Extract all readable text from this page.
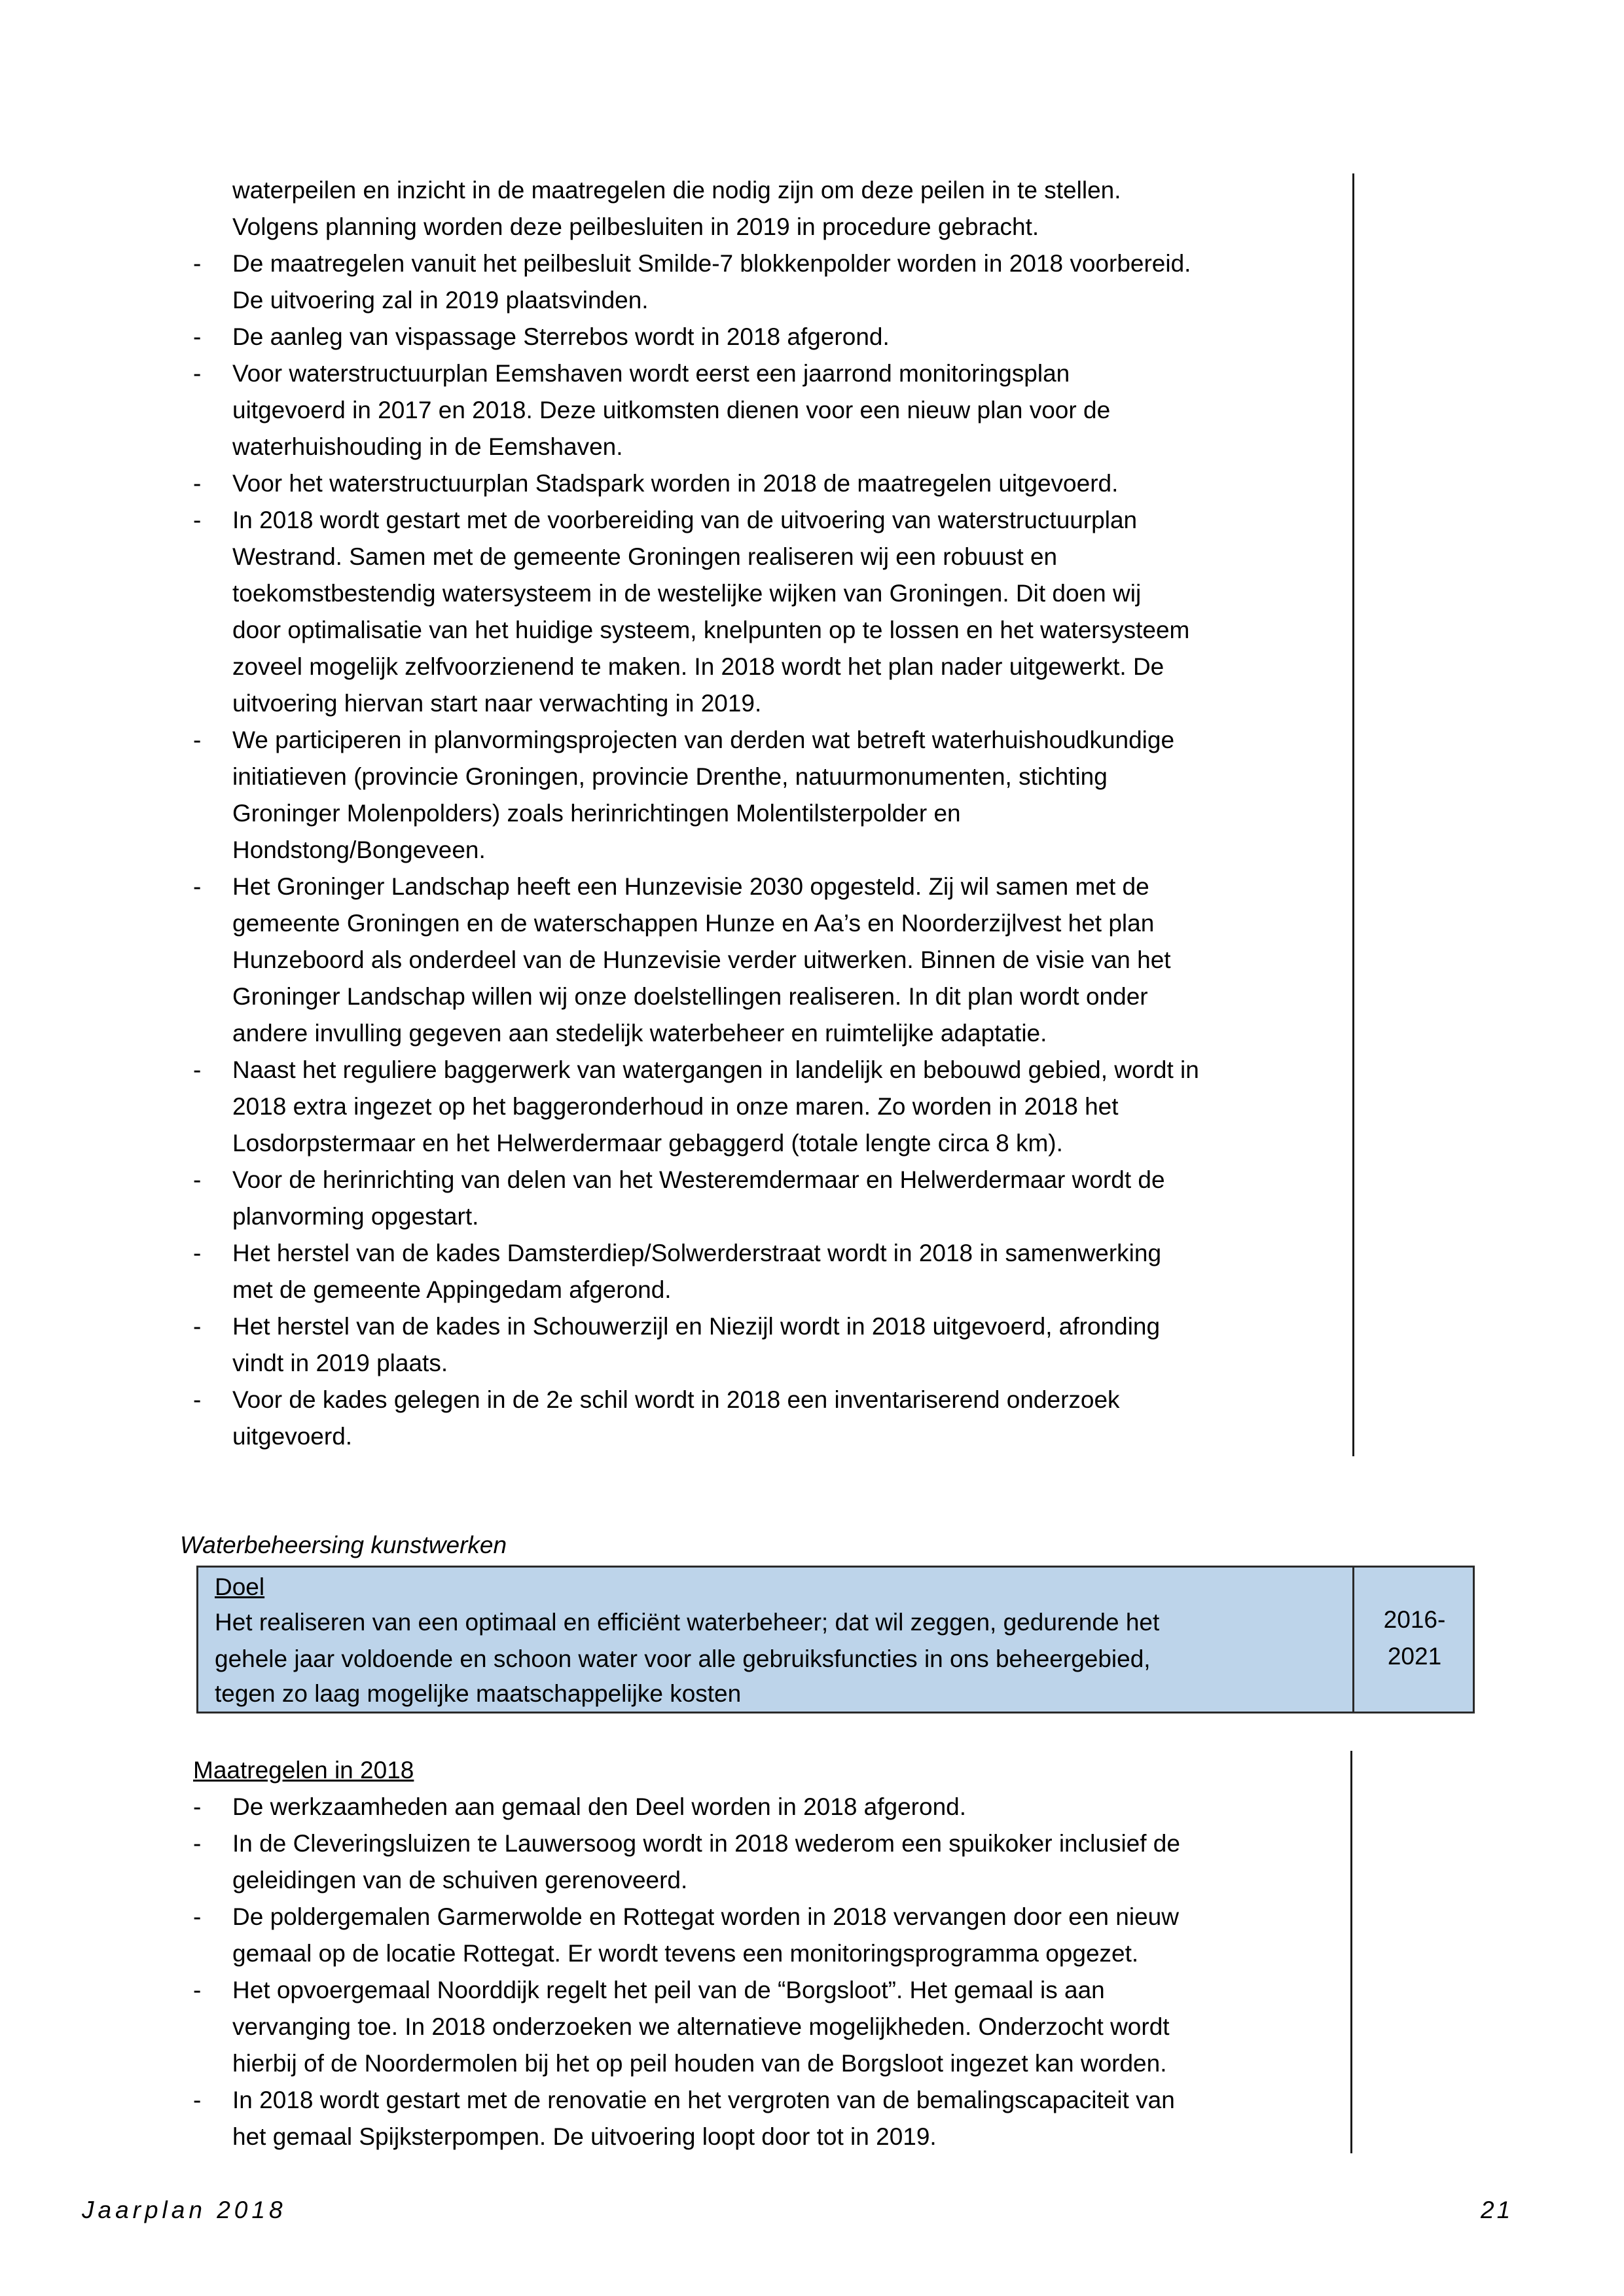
waterpeilen en inzicht in de maatregelen die nodig zijn om deze peilen in te stellen.
Volgens planning worden deze peilbesluiten in 2019 in procedure gebracht.
- De maatregelen vanuit het peilbesluit Smilde-7 blokkenpolder worden in 2018 voorbereid.
De uitvoering zal in 2019 plaatsvinden.
- De aanleg van vispassage Sterrebos wordt in 2018 afgerond.
- Voor waterstructuurplan Eemshaven wordt eerst een jaarrond monitoringsplan
uitgevoerd in 2017 en 2018. Deze uitkomsten dienen voor een nieuw plan voor de
waterhuishouding in de Eemshaven.
- Voor het waterstructuurplan Stadspark worden in 2018 de maatregelen uitgevoerd.
- In 2018 wordt gestart met de voorbereiding van de uitvoering van waterstructuurplan
Westrand. Samen met de gemeente Groningen realiseren wij een robuust en
toekomstbestendig watersysteem in de westelijke wijken van Groningen. Dit doen wij
door optimalisatie van het huidige systeem, knelpunten op te lossen en het watersysteem
zoveel mogelijk zelfvoorzienend te maken. In 2018 wordt het plan nader uitgewerkt. De
uitvoering hiervan start naar verwachting in 2019.
- We participeren in planvormingsprojecten van derden wat betreft waterhuishoudkundige
initiatieven (provincie Groningen, provincie Drenthe, natuurmonumenten, stichting
Groninger Molenpolders) zoals herinrichtingen Molentilsterpolder en
Hondstong/Bongeveen.
- Het Groninger Landschap heeft een Hunzevisie 2030 opgesteld. Zij wil samen met de
gemeente Groningen en de waterschappen Hunze en Aa’s en Noorderzijlvest het plan
Hunzeboord als onderdeel van de Hunzevisie verder uitwerken. Binnen de visie van het
Groninger Landschap willen wij onze doelstellingen realiseren. In dit plan wordt onder
andere invulling gegeven aan stedelijk waterbeheer en ruimtelijke adaptatie.
- Naast het reguliere baggerwerk van watergangen in landelijk en bebouwd gebied, wordt in
2018 extra ingezet op het baggeronderhoud in onze maren. Zo worden in 2018 het
Losdorpstermaar en het Helwerdermaar gebaggerd (totale lengte circa 8 km).
- Voor de herinrichting van delen van het Westeremdermaar en Helwerdermaar wordt de
planvorming opgestart.
- Het herstel van de kades Damsterdiep/Solwerderstraat wordt in 2018 in samenwerking
met de gemeente Appingedam afgerond.
- Het herstel van de kades in Schouwerzijl en Niezijl wordt in 2018 uitgevoerd, afronding
vindt in 2019 plaats.
- Voor de kades gelegen in de 2e schil wordt in 2018 een inventariserend onderzoek
uitgevoerd.
Waterbeheersing kunstwerken
Doel
Het realiseren van een optimaal en efficiënt waterbeheer; dat wil zeggen, gedurende het
gehele jaar voldoende en schoon water voor alle gebruiksfuncties in ons beheergebied,
tegen zo laag mogelijke maatschappelijke kosten
2016-
2021
Maatregelen in 2018
- De werkzaamheden aan gemaal den Deel worden in 2018 afgerond.
- In de Cleveringsluizen te Lauwersoog wordt in 2018 wederom een spuikoker inclusief de
geleidingen van de schuiven gerenoveerd.
- De poldergemalen Garmerwolde en Rottegat worden in 2018 vervangen door een nieuw
gemaal op de locatie Rottegat. Er wordt tevens een monitoringsprogramma opgezet.
- Het opvoergemaal Noorddijk regelt het peil van de “Borgsloot”. Het gemaal is aan
vervanging toe. In 2018 onderzoeken we alternatieve mogelijkheden. Onderzocht wordt
hierbij of de Noordermolen bij het op peil houden van de Borgsloot ingezet kan worden.
- In 2018 wordt gestart met de renovatie en het vergroten van de bemalingscapaciteit van
het gemaal Spijksterpompen. De uitvoering loopt door tot in 2019.
Jaarplan 2018	21
